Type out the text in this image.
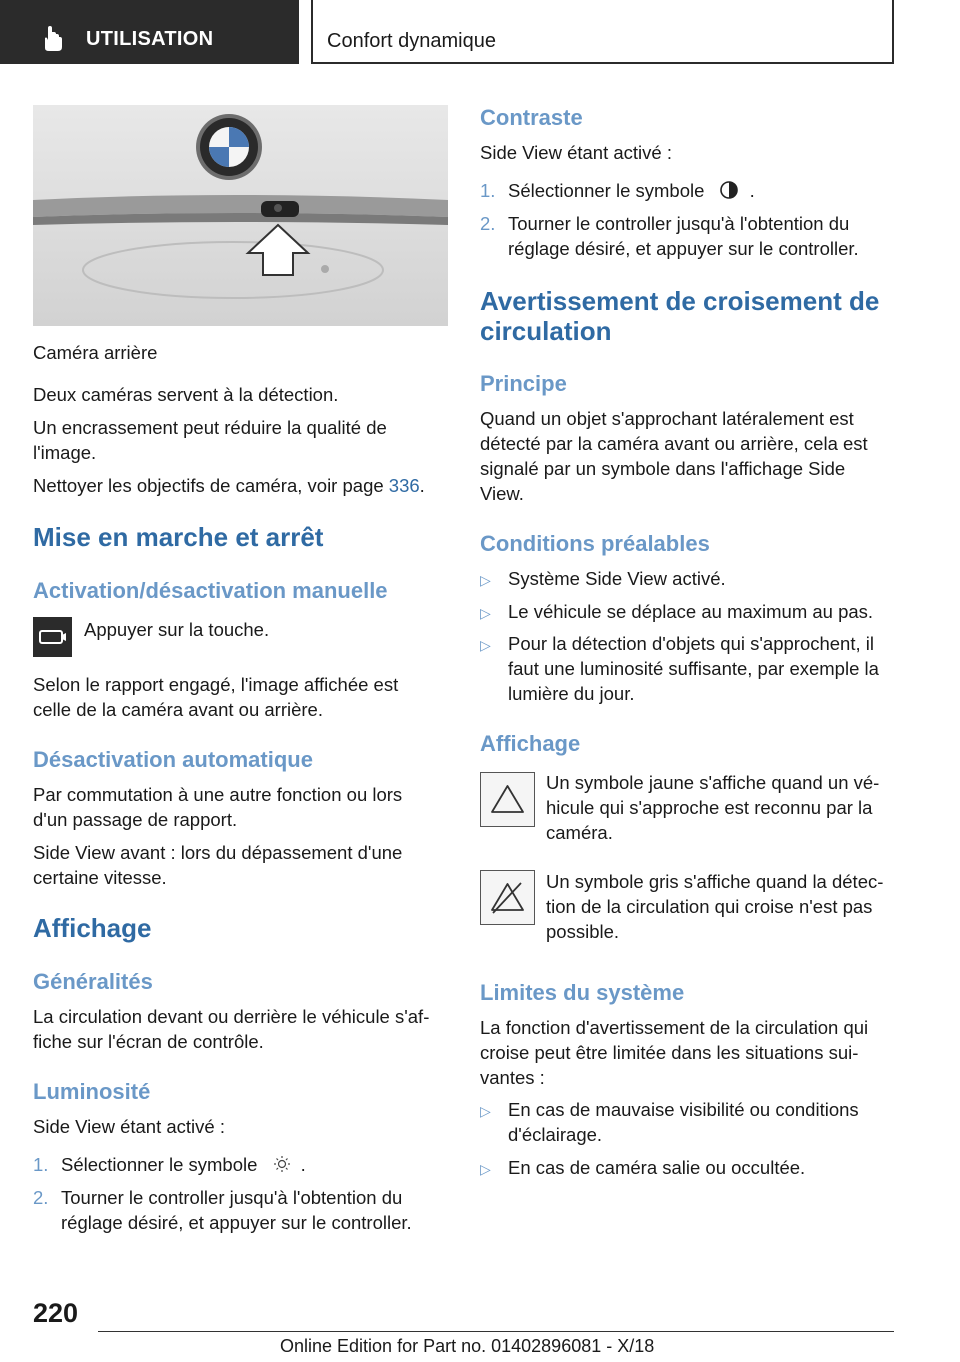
UTILISATION	Confort dynamique
Caméra arrière
Deux caméras servent à la détection.
Un encrassement peut réduire la qualité de
l'image.
Nettoyer les objectifs de caméra, voir page 336.
Mise en marche et arrêt
Activation/désactivation manuelle
Appuyer sur la touche.
Selon le rapport engagé, l'image affichée est
celle de la caméra avant ou arrière.
Désactivation automatique
Par commutation à une autre fonction ou lors
d'un passage de rapport.
Side View avant : lors du dépassement d'une
certaine vitesse.
Affichage
Généralités
La circulation devant ou derrière le véhicule s'af-
fiche sur l'écran de contrôle.
Luminosité
Side View étant activé :
1. Sélectionner le symbole .
2. Tourner le controller jusqu'à l'obtention du
réglage désiré, et appuyer sur le controller.
Contraste
Side View étant activé :
1. Sélectionner le symbole .
2. Tourner le controller jusqu'à l'obtention du
réglage désiré, et appuyer sur le controller.
Avertissement de croisement de
circulation
Principe
Quand un objet s'approchant latéralement est
détecté par la caméra avant ou arrière, cela est
signalé par un symbole dans l'affichage Side
View.
Conditions préalables
▷ Système Side View activé.
▷ Le véhicule se déplace au maximum au pas.
▷ Pour la détection d'objets qui s'approchent, il
faut une luminosité suffisante, par exemple la
lumière du jour.
Affichage
Un symbole jaune s'affiche quand un vé-
hicule qui s'approche est reconnu par la
caméra.
Un symbole gris s'affiche quand la détec-
tion de la circulation qui croise n'est pas
possible.
Limites du système
La fonction d'avertissement de la circulation qui
croise peut être limitée dans les situations sui-
vantes :
▷ En cas de mauvaise visibilité ou conditions
d'éclairage.
▷ En cas de caméra salie ou occultée.
220
Online Edition for Part no. 01402896081 - X/18
